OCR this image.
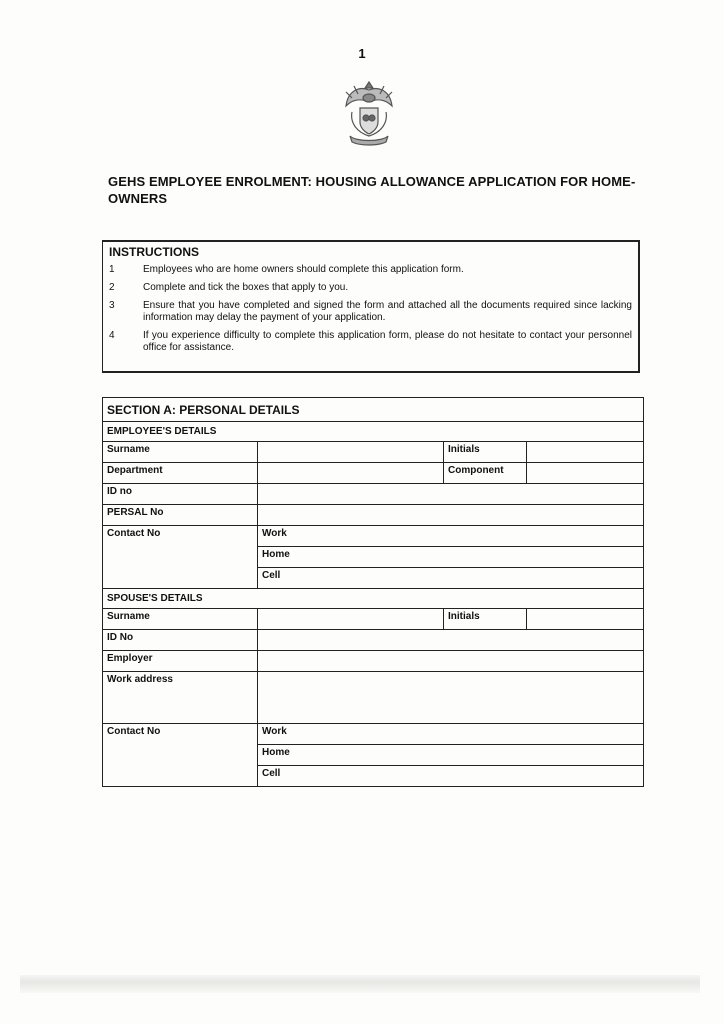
1
GEHS EMPLOYEE ENROLMENT: HOUSING ALLOWANCE APPLICATION FOR HOME-OWNERS
INSTRUCTIONS
1	Employees who are home owners should complete this application form.
2	Complete and tick the boxes that apply to you.
3	Ensure that you have completed and signed the form and attached all the documents required since lacking information may delay the payment of your application.
4	If you experience difficulty to complete this application form, please do not hesitate to contact your personnel office for assistance.
SECTION A: PERSONAL DETAILS			
EMPLOYEE'S DETAILS			
Surname		Initials	
Department		Component	
ID no			
PERSAL No			
Contact No	Work		
	Home		
	Cell		
SPOUSE'S DETAILS			
Surname		Initials	
ID No			
Employer			
Work address			
Contact No	Work		
	Home		
	Cell		
